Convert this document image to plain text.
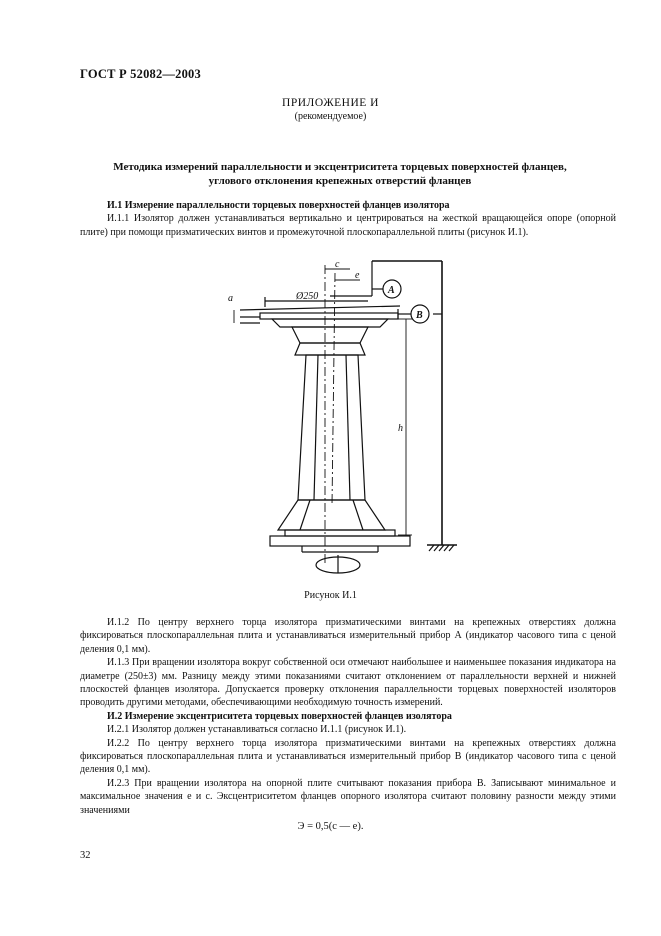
ГОСТ Р 52082—2003
ПРИЛОЖЕНИЕ И
(рекомендуемое)
Методика измерений параллельности и эксцентриситета торцевых поверхностей фланцев,
углового отклонения крепежных отверстий фланцев

И.1 Измерение параллельности торцевых поверхностей фланцев изолятора

И.1.1 Изолятор должен устанавливаться вертикально и центрироваться на жесткой вращающейся опоре (опорной плите) при помощи призматических винтов и промежуточной плоскопараллельной плиты (рисунок И.1).

c
e
Ø250
a
A
B
h
Рисунок И.1

И.1.2 По центру верхнего торца изолятора призматическими винтами на крепежных отверстиях должна фиксироваться плоскопараллельная плита и устанавливаться измерительный прибор А (индикатор часового типа с ценой деления 0,1 мм).

И.1.3 При вращении изолятора вокруг собственной оси отмечают наибольшее и наименьшее показания индикатора на диаметре (250±3) мм. Разницу между этими показаниями считают отклонением от параллельности верхней и нижней плоскостей фланцев изолятора. Допускается проверку отклонения параллельности торцевых поверхностей изоляторов проводить другими методами, обеспечивающими необходимую точность измерений.

И.2 Измерение эксцентриситета торцевых поверхностей фланцев изолятора

И.2.1 Изолятор должен устанавливаться согласно И.1.1 (рисунок И.1).

И.2.2 По центру верхнего торца изолятора призматическими винтами на крепежных отверстиях должна фиксироваться плоскопараллельная плита и устанавливаться измерительный прибор В (индикатор часового типа с ценой деления 0,1 мм).

И.2.3 При вращении изолятора на опорной плите считывают показания прибора В. Записывают минимальное и максимальное значения е и с. Эксцентриситетом фланцев опорного изолятора считают половину разности между этими значениями

Э = 0,5(с — е).
32
